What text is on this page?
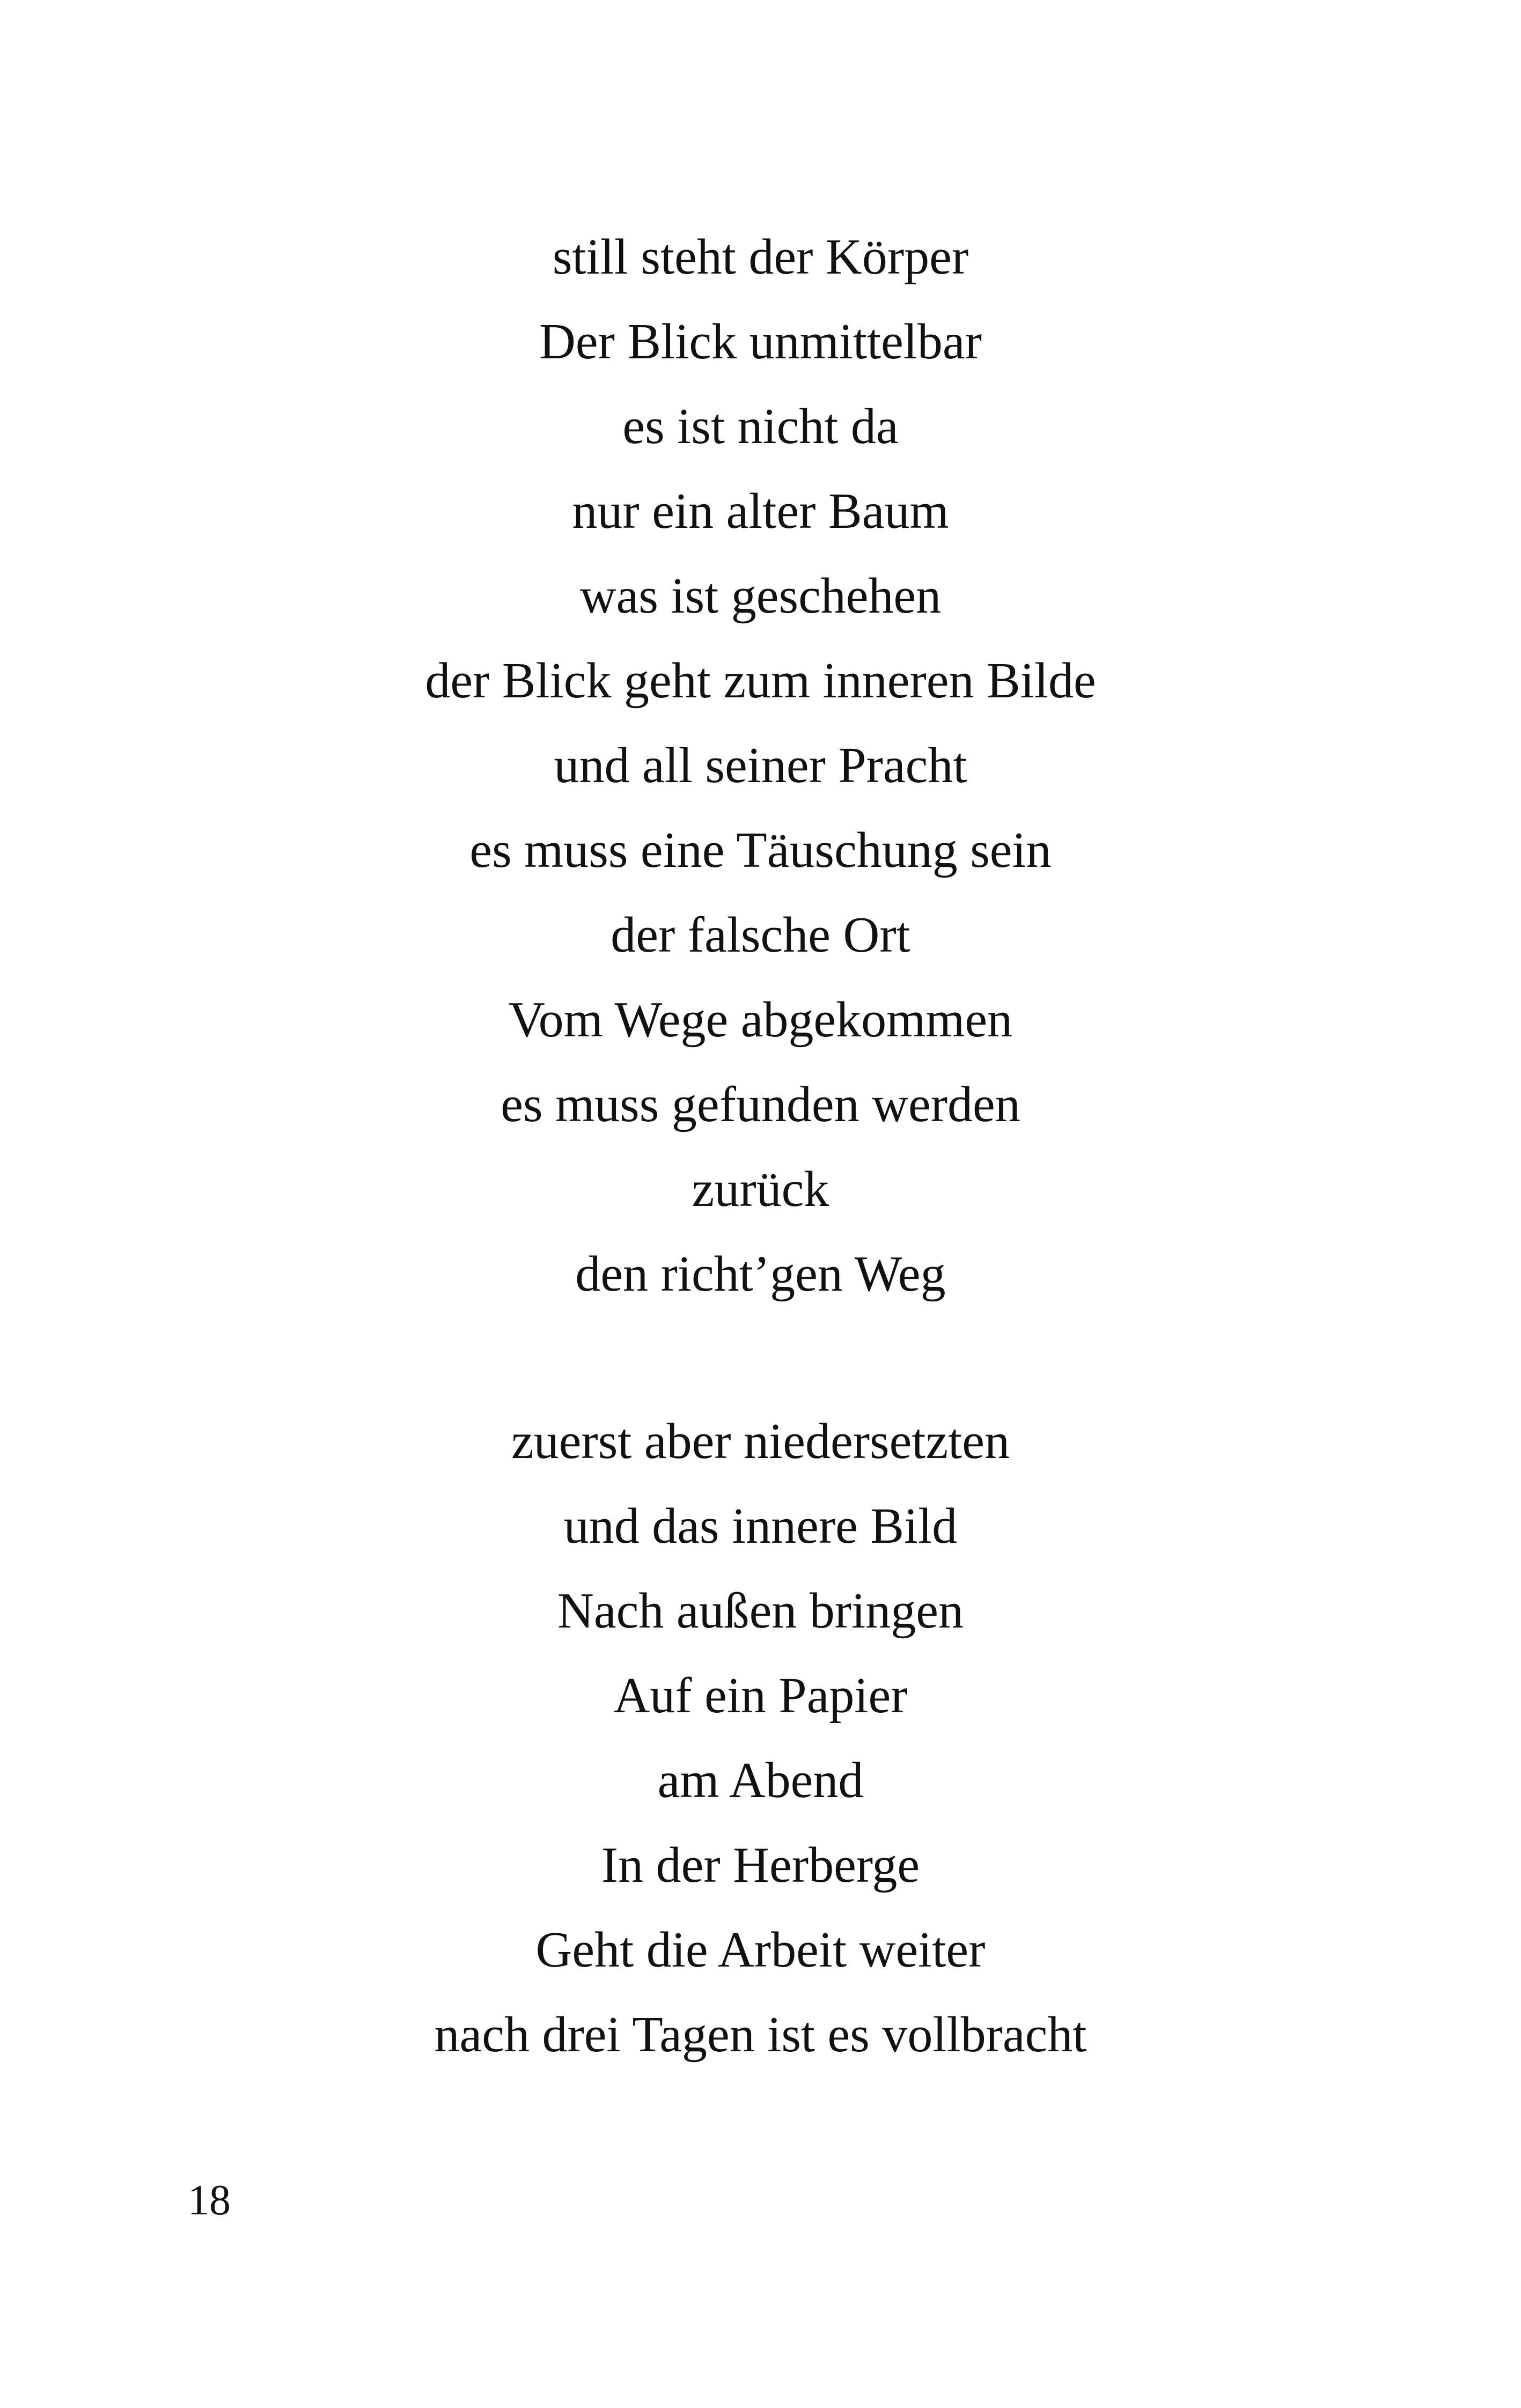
still steht der Körper
Der Blick unmittelbar
es ist nicht da
nur ein alter Baum
was ist geschehen
der Blick geht zum inneren Bilde
und all seiner Pracht
es muss eine Täuschung sein
der falsche Ort
Vom Wege abgekommen
es muss gefunden werden
zurück
den richt’gen Weg
zuerst aber niedersetzten
und das innere Bild
Nach außen bringen
Auf ein Papier
am Abend
In der Herberge
Geht die Arbeit weiter
nach drei Tagen ist es vollbracht
18
